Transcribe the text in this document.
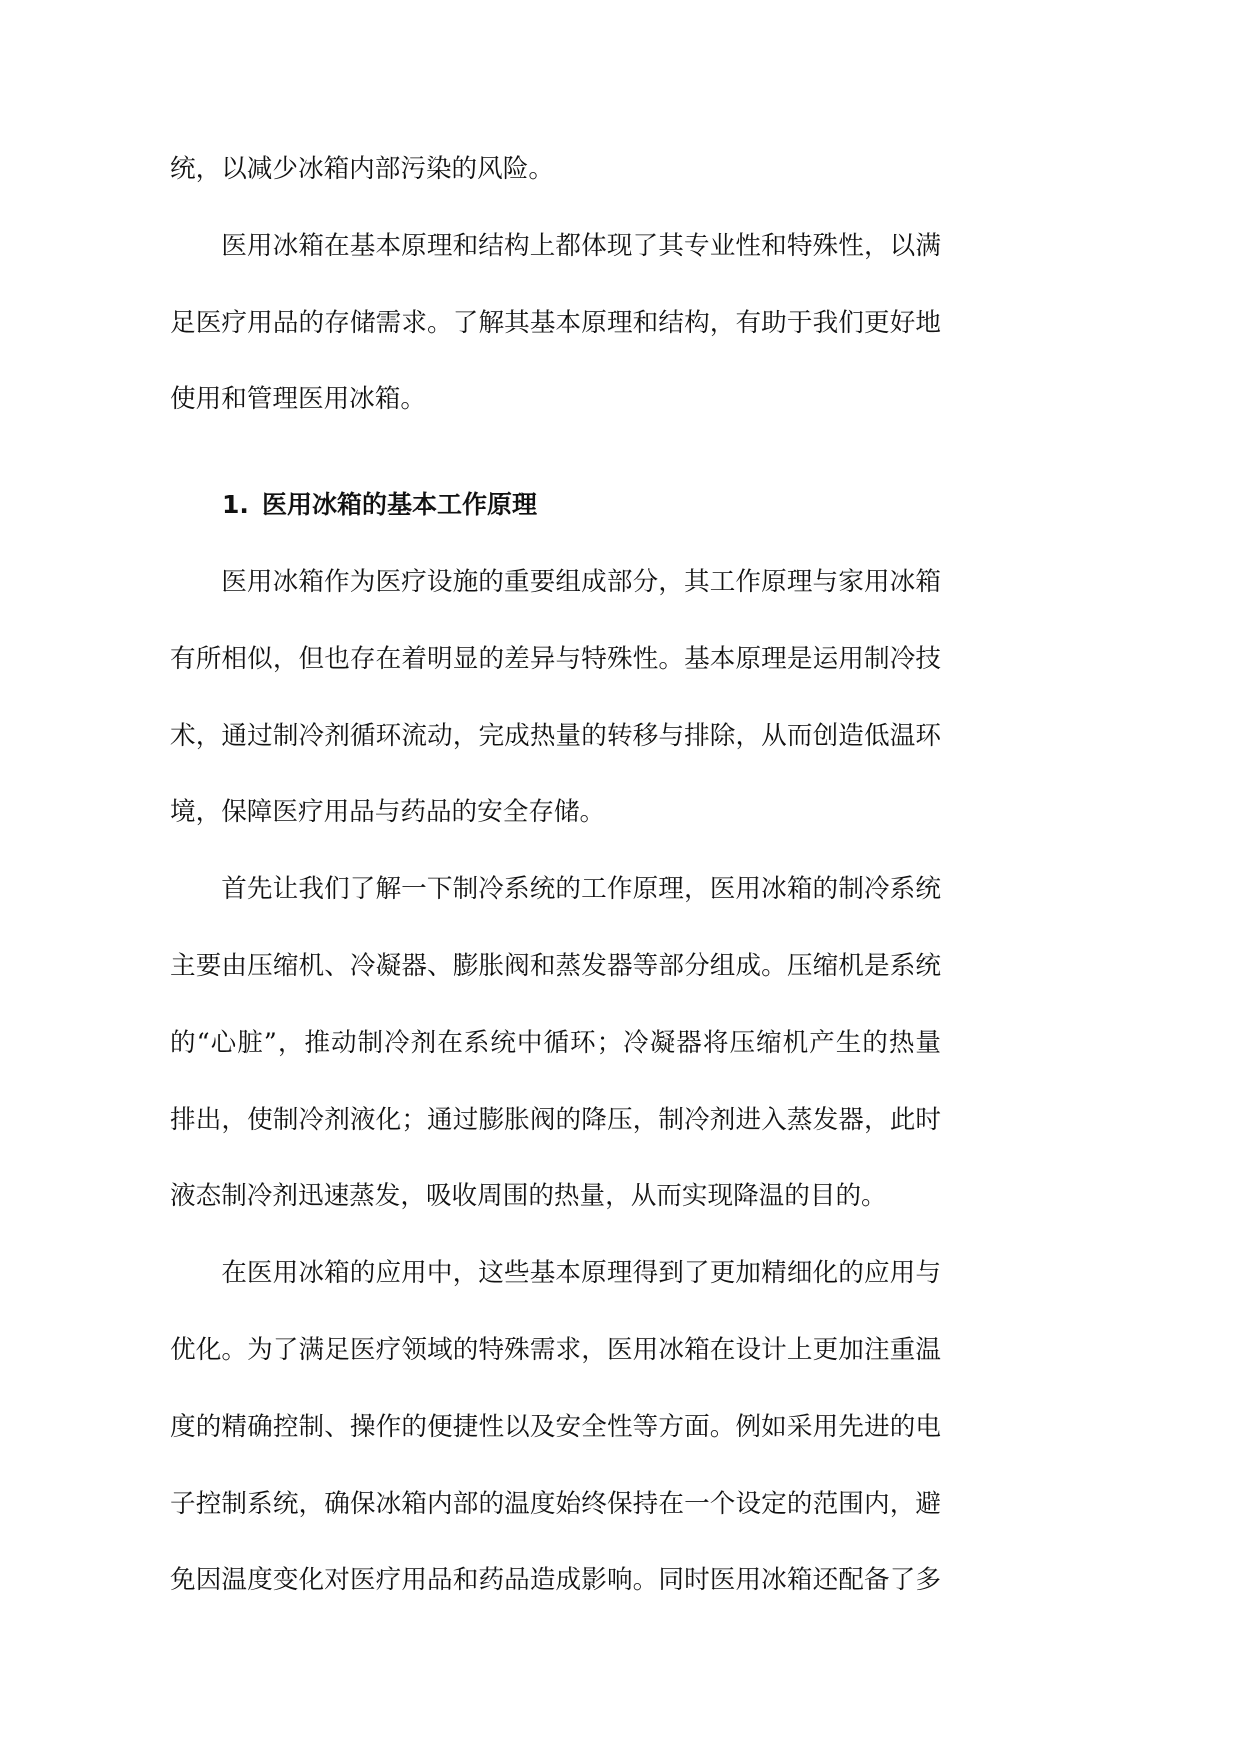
统，以减少冰箱内部污染的风险。
医用冰箱在基本原理和结构上都体现了其专业性和特殊性，以满
足医疗用品的存储需求。了解其基本原理和结构，有助于我们更好地
使用和管理医用冰箱。
1. 医用冰箱的基本工作原理
医用冰箱作为医疗设施的重要组成部分，其工作原理与家用冰箱
有所相似，但也存在着明显的差异与特殊性。基本原理是运用制冷技
术，通过制冷剂循环流动，完成热量的转移与排除，从而创造低温环
境，保障医疗用品与药品的安全存储。
首先让我们了解一下制冷系统的工作原理，医用冰箱的制冷系统
主要由压缩机、冷凝器、膨胀阀和蒸发器等部分组成。压缩机是系统
的“心脏”，推动制冷剂在系统中循环；冷凝器将压缩机产生的热量
排出，使制冷剂液化；通过膨胀阀的降压，制冷剂进入蒸发器，此时
液态制冷剂迅速蒸发，吸收周围的热量，从而实现降温的目的。
在医用冰箱的应用中，这些基本原理得到了更加精细化的应用与
优化。为了满足医疗领域的特殊需求，医用冰箱在设计上更加注重温
度的精确控制、操作的便捷性以及安全性等方面。例如采用先进的电
子控制系统，确保冰箱内部的温度始终保持在一个设定的范围内，避
免因温度变化对医疗用品和药品造成影响。同时医用冰箱还配备了多
